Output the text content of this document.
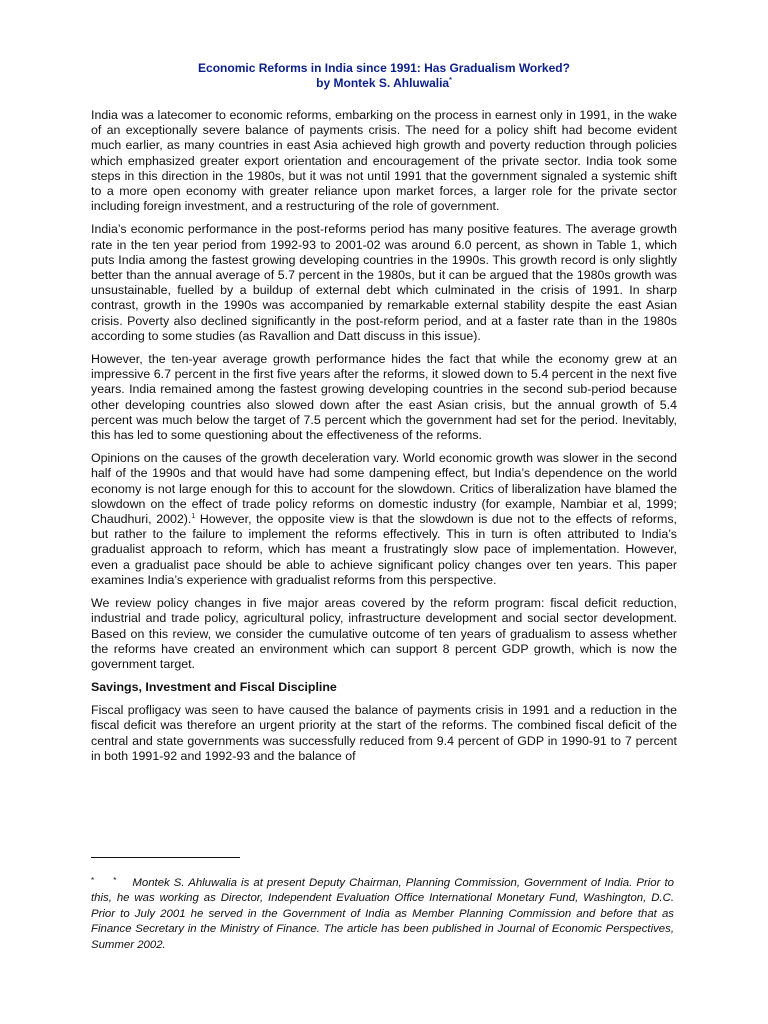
Economic Reforms in India since 1991: Has Gradualism Worked?
by Montek S. Ahluwalia*

India was a latecomer to economic reforms, embarking on the process in earnest only in 1991, in the wake of an exceptionally severe balance of payments crisis. The need for a policy shift had become evident much earlier, as many countries in east Asia achieved high growth and poverty reduction through policies which emphasized greater export orientation and encouragement of the private sector. India took some steps in this direction in the 1980s, but it was not until 1991 that the government signaled a systemic shift to a more open economy with greater reliance upon market forces, a larger role for the private sector including foreign investment, and a restructuring of the role of government.

India’s economic performance in the post-reforms period has many positive features. The average growth rate in the ten year period from 1992-93 to 2001-02 was around 6.0 percent, as shown in Table 1, which puts India among the fastest growing developing countries in the 1990s. This growth record is only slightly better than the annual average of 5.7 percent in the 1980s, but it can be argued that the 1980s growth was unsustainable, fuelled by a buildup of external debt which culminated in the crisis of 1991. In sharp contrast, growth in the 1990s was accompanied by remarkable external stability despite the east Asian crisis. Poverty also declined significantly in the post-reform period, and at a faster rate than in the 1980s according to some studies (as Ravallion and Datt discuss in this issue).

However, the ten-year average growth performance hides the fact that while the economy grew at an impressive 6.7 percent in the first five years after the reforms, it slowed down to 5.4 percent in the next five years. India remained among the fastest growing developing countries in the second sub-period because other developing countries also slowed down after the east Asian crisis, but the annual growth of 5.4 percent was much below the target of 7.5 percent which the government had set for the period. Inevitably, this has led to some questioning about the effectiveness of the reforms.

Opinions on the causes of the growth deceleration vary. World economic growth was slower in the second half of the 1990s and that would have had some dampening effect, but India’s dependence on the world economy is not large enough for this to account for the slowdown. Critics of liberalization have blamed the slowdown on the effect of trade policy reforms on domestic industry (for example, Nambiar et al, 1999; Chaudhuri, 2002).$^1$ However, the opposite view is that the slowdown is due not to the effects of reforms, but rather to the failure to implement the reforms effectively. This in turn is often attributed to India’s gradualist approach to reform, which has meant a frustratingly slow pace of implementation. However, even a gradualist pace should be able to achieve significant policy changes over ten years. This paper examines India’s experience with gradualist reforms from this perspective.

We review policy changes in five major areas covered by the reform program: fiscal deficit reduction, industrial and trade policy, agricultural policy, infrastructure development and social sector development. Based on this review, we consider the cumulative outcome of ten years of gradualism to assess whether the reforms have created an environment which can support 8 percent GDP growth, which is now the government target.

Savings, Investment and Fiscal Discipline

Fiscal profligacy was seen to have caused the balance of payments crisis in 1991 and a reduction in the fiscal deficit was therefore an urgent priority at the start of the reforms. The combined fiscal deficit of the central and state governments was successfully reduced from 9.4 percent of GDP in 1990-91 to 7 percent in both 1991-92 and 1992-93 and the balance of

* * Montek S. Ahluwalia is at present Deputy Chairman, Planning Commission, Government of India. Prior to this, he was working as Director, Independent Evaluation Office International Monetary Fund, Washington, D.C. Prior to July 2001 he served in the Government of India as Member Planning Commission and before that as Finance Secretary in the Ministry of Finance. The article has been published in Journal of Economic Perspectives, Summer 2002.
